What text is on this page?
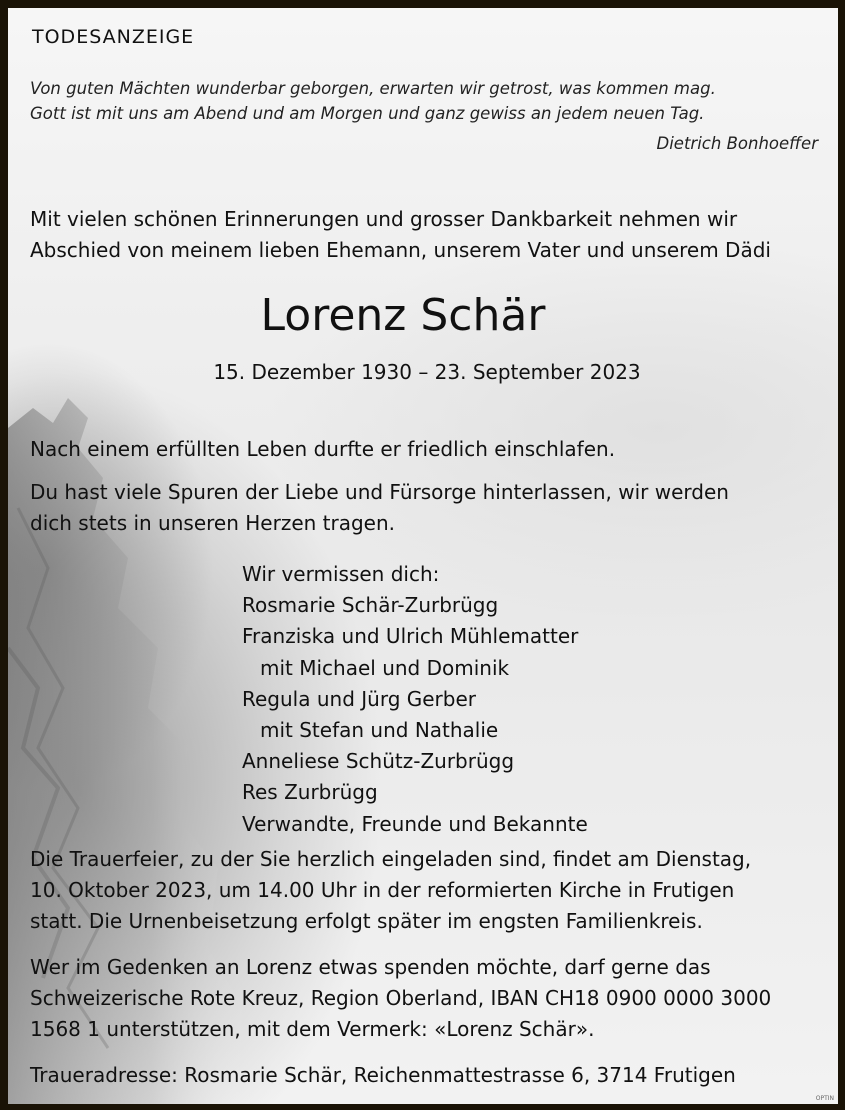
TODESANZEIGE
Von guten Mächten wunderbar geborgen, erwarten wir getrost, was kommen mag.
Gott ist mit uns am Abend und am Morgen und ganz gewiss an jedem neuen Tag.
Dietrich Bonhoeffer
Mit vielen schönen Erinnerungen und grosser Dankbarkeit nehmen wir
Abschied von meinem lieben Ehemann, unserem Vater und unserem Dädi
Lorenz Schär
15. Dezember 1930 – 23. September 2023
Nach einem erfüllten Leben durfte er friedlich einschlafen.
Du hast viele Spuren der Liebe und Fürsorge hinterlassen, wir werden
dich stets in unseren Herzen tragen.
Wir vermissen dich:
Rosmarie Schär-Zurbrügg
Franziska und Ulrich Mühlematter
mit Michael und Dominik
Regula und Jürg Gerber
mit Stefan und Nathalie
Anneliese Schütz-Zurbrügg
Res Zurbrügg
Verwandte, Freunde und Bekannte
Die Trauerfeier, zu der Sie herzlich eingeladen sind, findet am Dienstag,
10. Oktober 2023, um 14.00 Uhr in der reformierten Kirche in Frutigen
statt. Die Urnenbeisetzung erfolgt später im engsten Familienkreis.
Wer im Gedenken an Lorenz etwas spenden möchte, darf gerne das
Schweizerische Rote Kreuz, Region Oberland, IBAN CH18 0900 0000 3000
1568 1 unterstützen, mit dem Vermerk: «Lorenz Schär».
Traueradresse: Rosmarie Schär, Reichenmattestrasse 6, 3714 Frutigen
OPTIN
